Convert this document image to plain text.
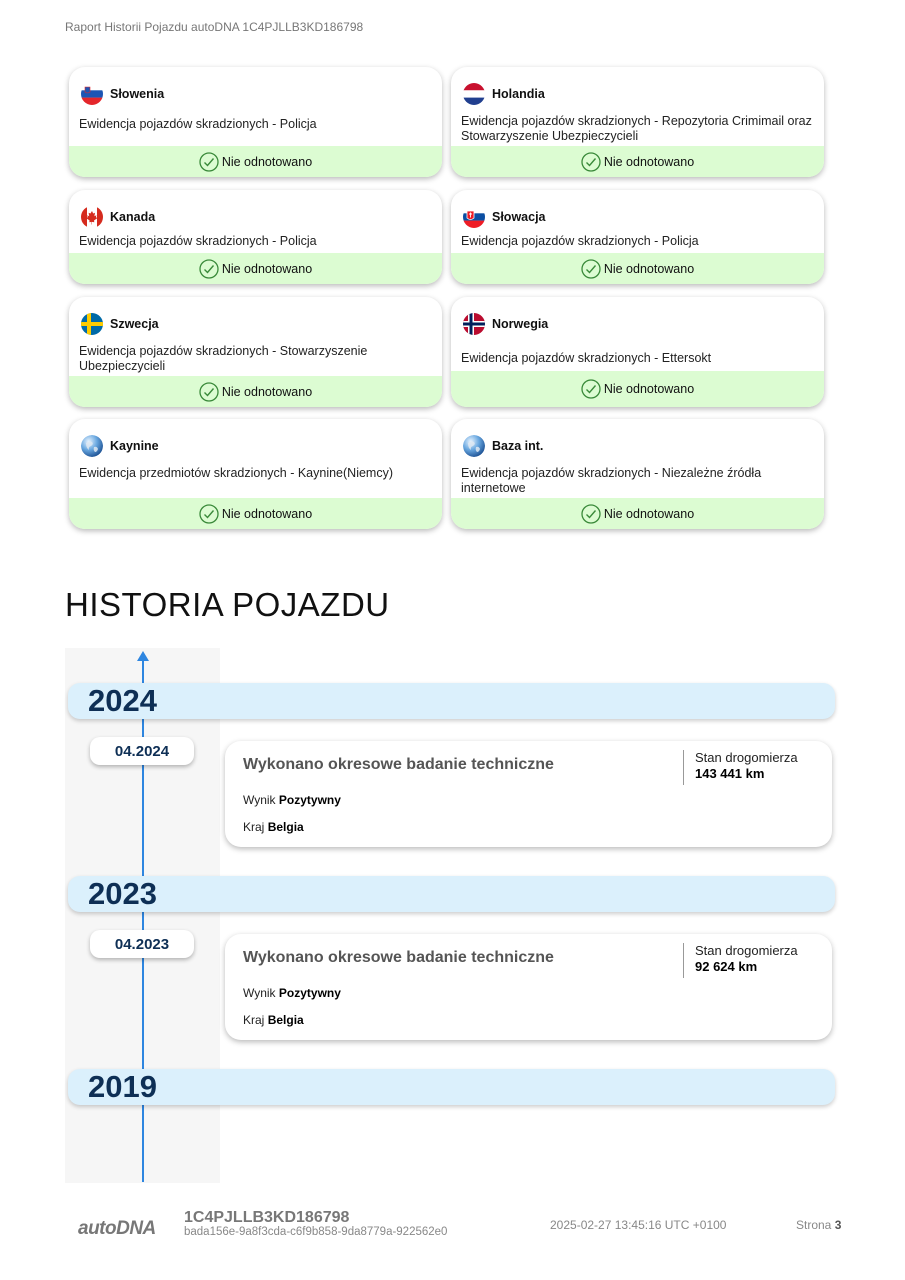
Raport Historii Pojazdu autoDNA 1C4PJLLB3KD186798
Słowenia
Ewidencja pojazdów skradzionych - Policja
Nie odnotowano
Holandia
Ewidencja pojazdów skradzionych - Repozytoria Crimimail oraz Stowarzyszenie Ubezpieczycieli
Nie odnotowano
Kanada
Ewidencja pojazdów skradzionych - Policja
Nie odnotowano
Słowacja
Ewidencja pojazdów skradzionych - Policja
Nie odnotowano
Szwecja
Ewidencja pojazdów skradzionych - Stowarzyszenie Ubezpieczycieli
Nie odnotowano
Norwegia
Ewidencja pojazdów skradzionych - Ettersokt
Nie odnotowano
Kaynine
Ewidencja przedmiotów skradzionych - Kaynine(Niemcy)
Nie odnotowano
Baza int.
Ewidencja pojazdów skradzionych - Niezależne źródła internetowe
Nie odnotowano
HISTORIA POJAZDU
2024
04.2024
Wykonano okresowe badanie techniczne
Wynik Pozytywny
Kraj Belgia
Stan drogomierza
143 441 km
2023
04.2023
Wykonano okresowe badanie techniczne
Wynik Pozytywny
Kraj Belgia
Stan drogomierza
92 624 km
2019
autoDNA
1C4PJLLB3KD186798
bada156e-9a8f3cda-c6f9b858-9da8779a-922562e0	2025-02-27 13:45:16 UTC +0100	Strona 3
